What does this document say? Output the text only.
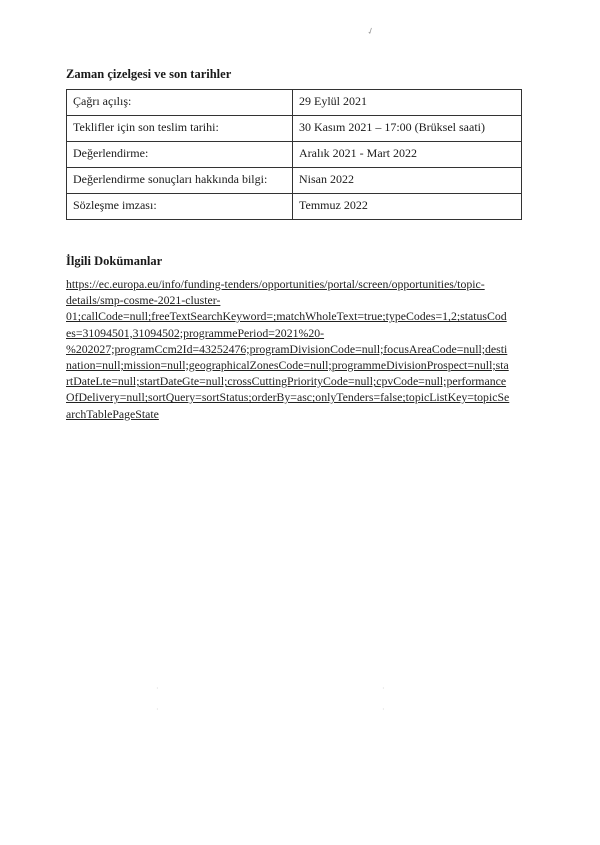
✓
Zaman çizelgesi ve son tarihler
Çağrı açılış:	29 Eylül 2021
Teklifler için son teslim tarihi:	30 Kasım 2021 – 17:00 (Brüksel saati)
Değerlendirme:	Aralık 2021 - Mart 2022
Değerlendirme sonuçları hakkında bilgi:	Nisan 2022
Sözleşme imzası:	Temmuz 2022
İlgili Dokümanlar
https://ec.europa.eu/info/funding-tenders/opportunities/portal/screen/opportunities/topic-
details/smp-cosme-2021-cluster-
01;callCode=null;freeTextSearchKeyword=;matchWholeText=true;typeCodes=1,2;statusCod
es=31094501,31094502;programmePeriod=2021%20-
%202027;programCcm2Id=43252476;programDivisionCode=null;focusAreaCode=null;desti
nation=null;mission=null;geographicalZonesCode=null;programmeDivisionProspect=null;sta
rtDateLte=null;startDateGte=null;crossCuttingPriorityCode=null;cpvCode=null;performance
OfDelivery=null;sortQuery=sortStatus;orderBy=asc;onlyTenders=false;topicListKey=topicSe
archTablePageState
·	·
·	·
